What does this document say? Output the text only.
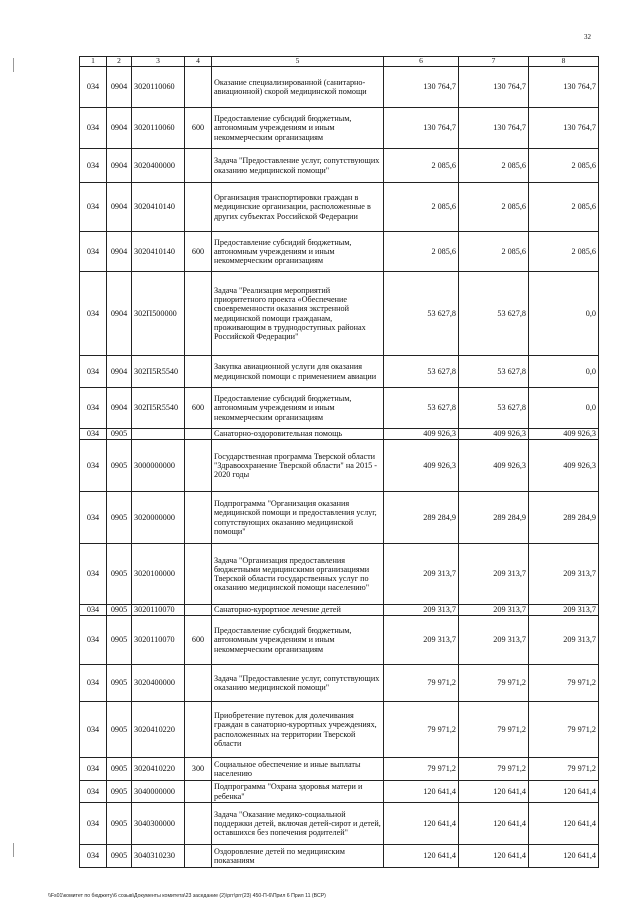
32
1	2	3	4	5	6	7	8
034	0904	3020110060		Оказание специализированной (санитарно-авиационной) скорой медицинской помощи	130 764,7	130 764,7	130 764,7
034	0904	3020110060	600	Предоставление субсидий бюджетным, автономным учреждениям и иным некоммерческим организациям	130 764,7	130 764,7	130 764,7
034	0904	3020400000		Задача "Предоставление услуг, сопутствующих оказанию медицинской помощи"	2 085,6	2 085,6	2 085,6
034	0904	3020410140		Организация транспортировки граждан в медицинские организации, расположенные в других субъектах Российской Федерации	2 085,6	2 085,6	2 085,6
034	0904	3020410140	600	Предоставление субсидий бюджетным, автономным учреждениям и иным некоммерческим организациям	2 085,6	2 085,6	2 085,6
034	0904	302П500000		Задача "Реализация мероприятий приоритетного проекта «Обеспечение своевременности оказания экстренной медицинской помощи гражданам, проживающим в труднодоступных районах Российской Федерации"	53 627,8	53 627,8	0,0
034	0904	302П5R5540		Закупка авиационной услуги для оказания медицинской помощи с применением авиации	53 627,8	53 627,8	0,0
034	0904	302П5R5540	600	Предоставление субсидий бюджетным, автономным учреждениям и иным некоммерческим организациям	53 627,8	53 627,8	0,0
034	0905			Санаторно-оздоровительная помощь	409 926,3	409 926,3	409 926,3
034	0905	3000000000		Государственная программа Тверской области "Здравоохранение Тверской области" на 2015 - 2020 годы	409 926,3	409 926,3	409 926,3
034	0905	3020000000		Подпрограмма "Организация оказания медицинской помощи и предоставления услуг, сопутствующих оказанию медицинской помощи"	289 284,9	289 284,9	289 284,9
034	0905	3020100000		Задача "Организация предоставления бюджетными медицинскими организациями Тверской области государственных услуг по оказанию медицинской помощи населению"	209 313,7	209 313,7	209 313,7
034	0905	3020110070		Санаторно-курортное лечение детей	209 313,7	209 313,7	209 313,7
034	0905	3020110070	600	Предоставление субсидий бюджетным, автономным учреждениям и иным некоммерческим организациям	209 313,7	209 313,7	209 313,7
034	0905	3020400000		Задача "Предоставление услуг, сопутствующих оказанию медицинской помощи"	79 971,2	79 971,2	79 971,2
034	0905	3020410220		Приобретение путевок для долечивания граждан в санаторно-курортных учреждениях, расположенных на территории Тверской области	79 971,2	79 971,2	79 971,2
034	0905	3020410220	300	Социальное обеспечение и иные выплаты населению	79 971,2	79 971,2	79 971,2
034	0905	3040000000		Подпрограмма "Охрана здоровья матери и ребенка"	120 641,4	120 641,4	120 641,4
034	0905	3040300000		Задача "Оказание медико-социальной поддержки детей, включая детей-сирот и детей, оставшихся без попечения родителей"	120 641,4	120 641,4	120 641,4
034	0905	3040310230		Оздоровление детей по медицинским показаниям	120 641,4	120 641,4	120 641,4
\\Fs01\комитет по бюджету\6 созыв\Документы комитета\23 заседание (2)\ргг\ргг(23) 450-П-6\Прил 6 Прил 11 (ВСР)
